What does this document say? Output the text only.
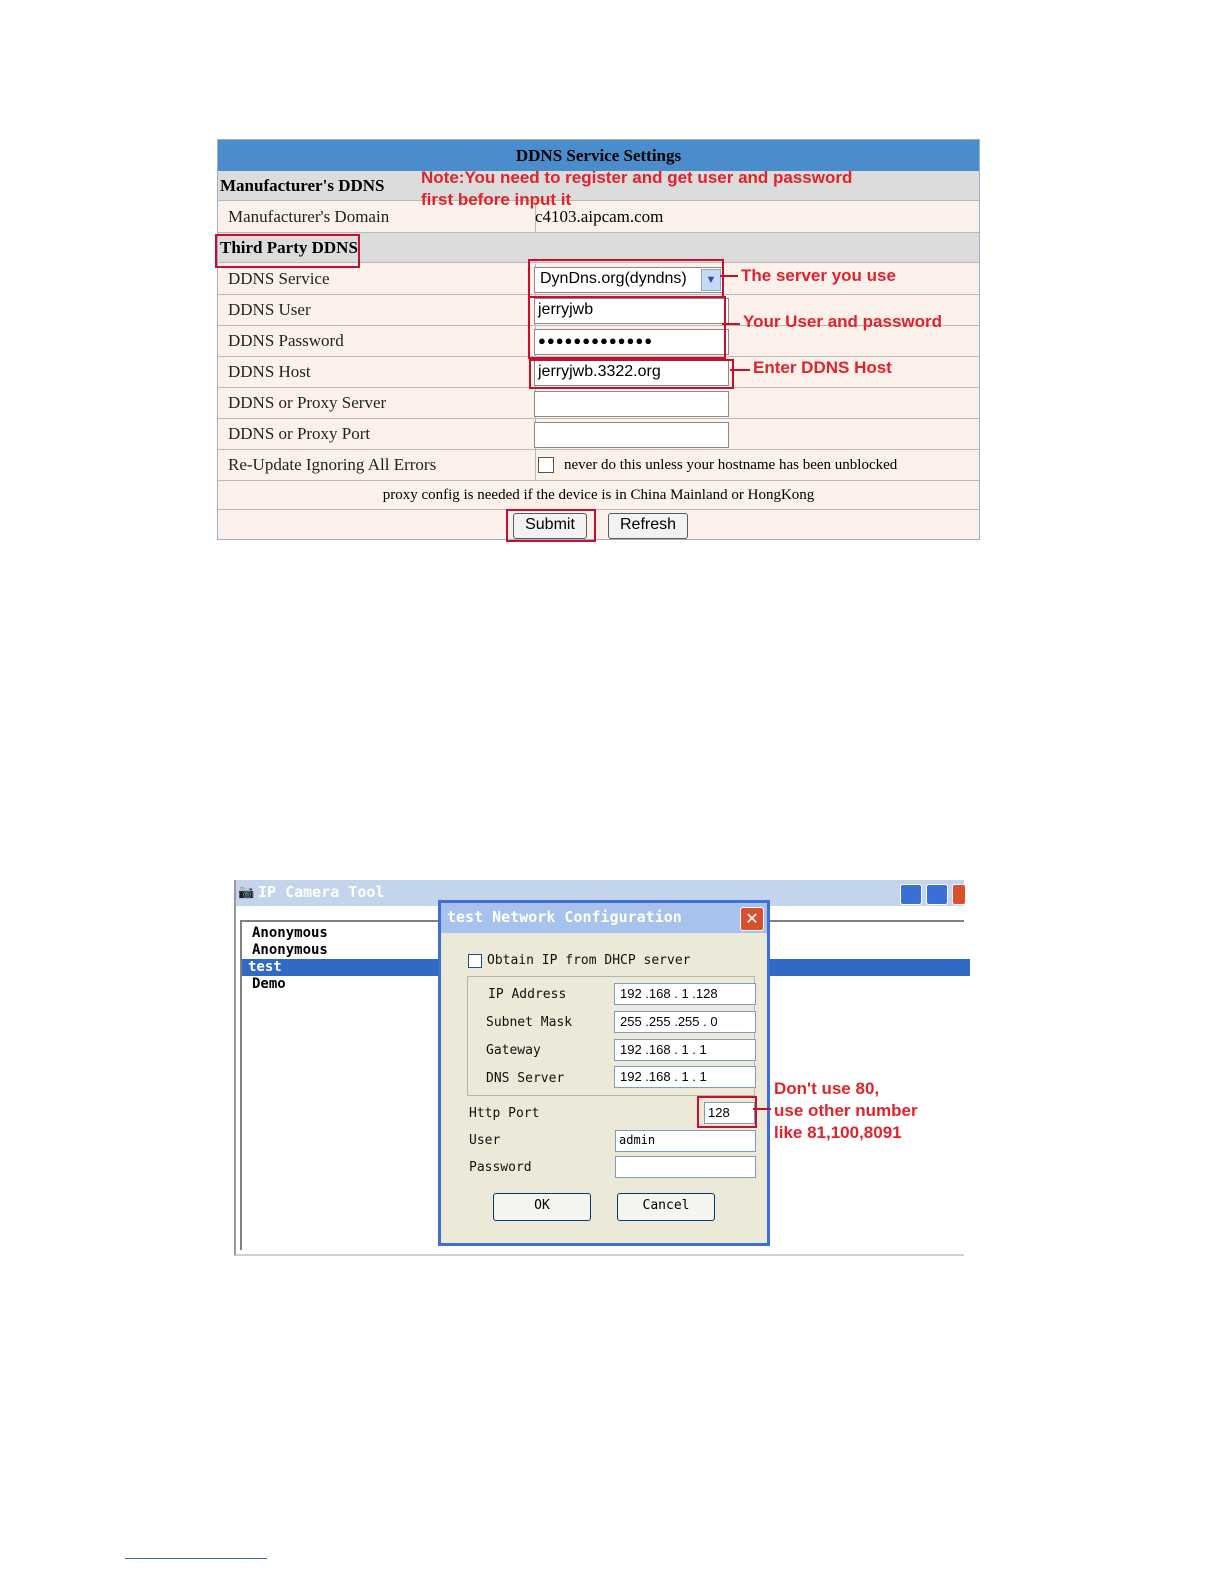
DDNS Service Settings
Manufacturer's DDNS
Manufacturer's Domain	c4103.aipcam.com
Third Party DDNS
DDNS Service	DynDns.org(dyndns)	▼
DDNS User	jerryjwb
DDNS Password	●●●●●●●●●●●●●
DDNS Host	jerryjwb.3322.org
DDNS or Proxy Server
DDNS or Proxy Port
Re-Update Ignoring All Errors	never do this unless your hostname has been unblocked
proxy config is needed if the device is in China Mainland or HongKong
Submit	Refresh
Note:You need to register and get user and password
first before input it
The server you use
Your User and password
Enter DDNS Host
📷 IP Camera Tool
Anonymous
Anonymous
test
Demo
test Network Configuration	✕
Obtain IP from DHCP server
IP Address	192 .168 . 1 .128
Subnet Mask	255 .255 .255 . 0
Gateway	192 .168 . 1 . 1
DNS Server	192 .168 . 1 . 1
Http Port	128
User	admin
Password
OK	Cancel
Don't use 80,
use other number
like 81,100,8091
